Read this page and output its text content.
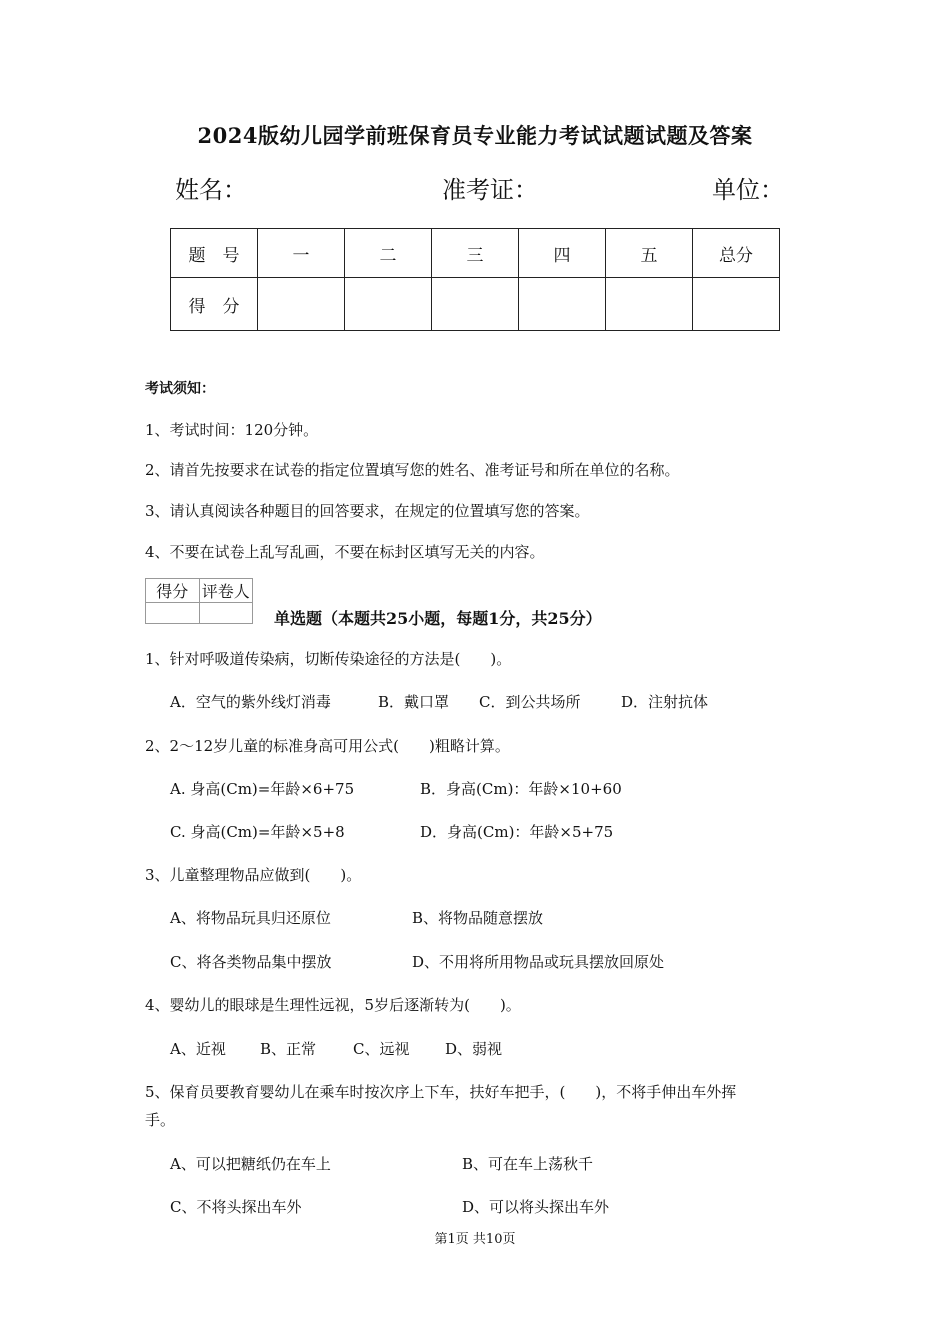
2024版幼儿园学前班保育员专业能力考试试题试题及答案
姓名：	准考证：	单位：
题　号	一	二	三	四	五	总分
得　分						
考试须知：
1、考试时间：120分钟。
2、请首先按要求在试卷的指定位置填写您的姓名、准考证号和所在单位的名称。
3、请认真阅读各种题目的回答要求，在规定的位置填写您的答案。
4、不要在试卷上乱写乱画，不要在标封区填写无关的内容。
得分	评卷人

单选题（本题共25小题，每题1分，共25分）
1、针对呼吸道传染病，切断传染途径的方法是(　　)。
A．空气的紫外线灯消毒	B．戴口罩 C．到公共场所	D．注射抗体
2、2～12岁儿童的标准身高可用公式(　　)粗略计算。
A. 身高(Cm)=年龄×6+75	B．身高(Cm)：年龄×10+60
C. 身高(Cm)=年龄×5+8	D．身高(Cm)：年龄×5+75
3、儿童整理物品应做到(　　)。
A、将物品玩具归还原位	B、将物品随意摆放
C、将各类物品集中摆放	D、不用将所用物品或玩具摆放回原处
4、婴幼儿的眼球是生理性远视，5岁后逐渐转为(　　)。
A、近视 B、正常 C、远视 D、弱视
5、保育员要教育婴幼儿在乘车时按次序上下车，扶好车把手，(　　)，不将手伸出车外挥
手。
A、可以把糖纸仍在车上	B、可在车上荡秋千
C、不将头探出车外	D、可以将头探出车外
第1页 共10页
